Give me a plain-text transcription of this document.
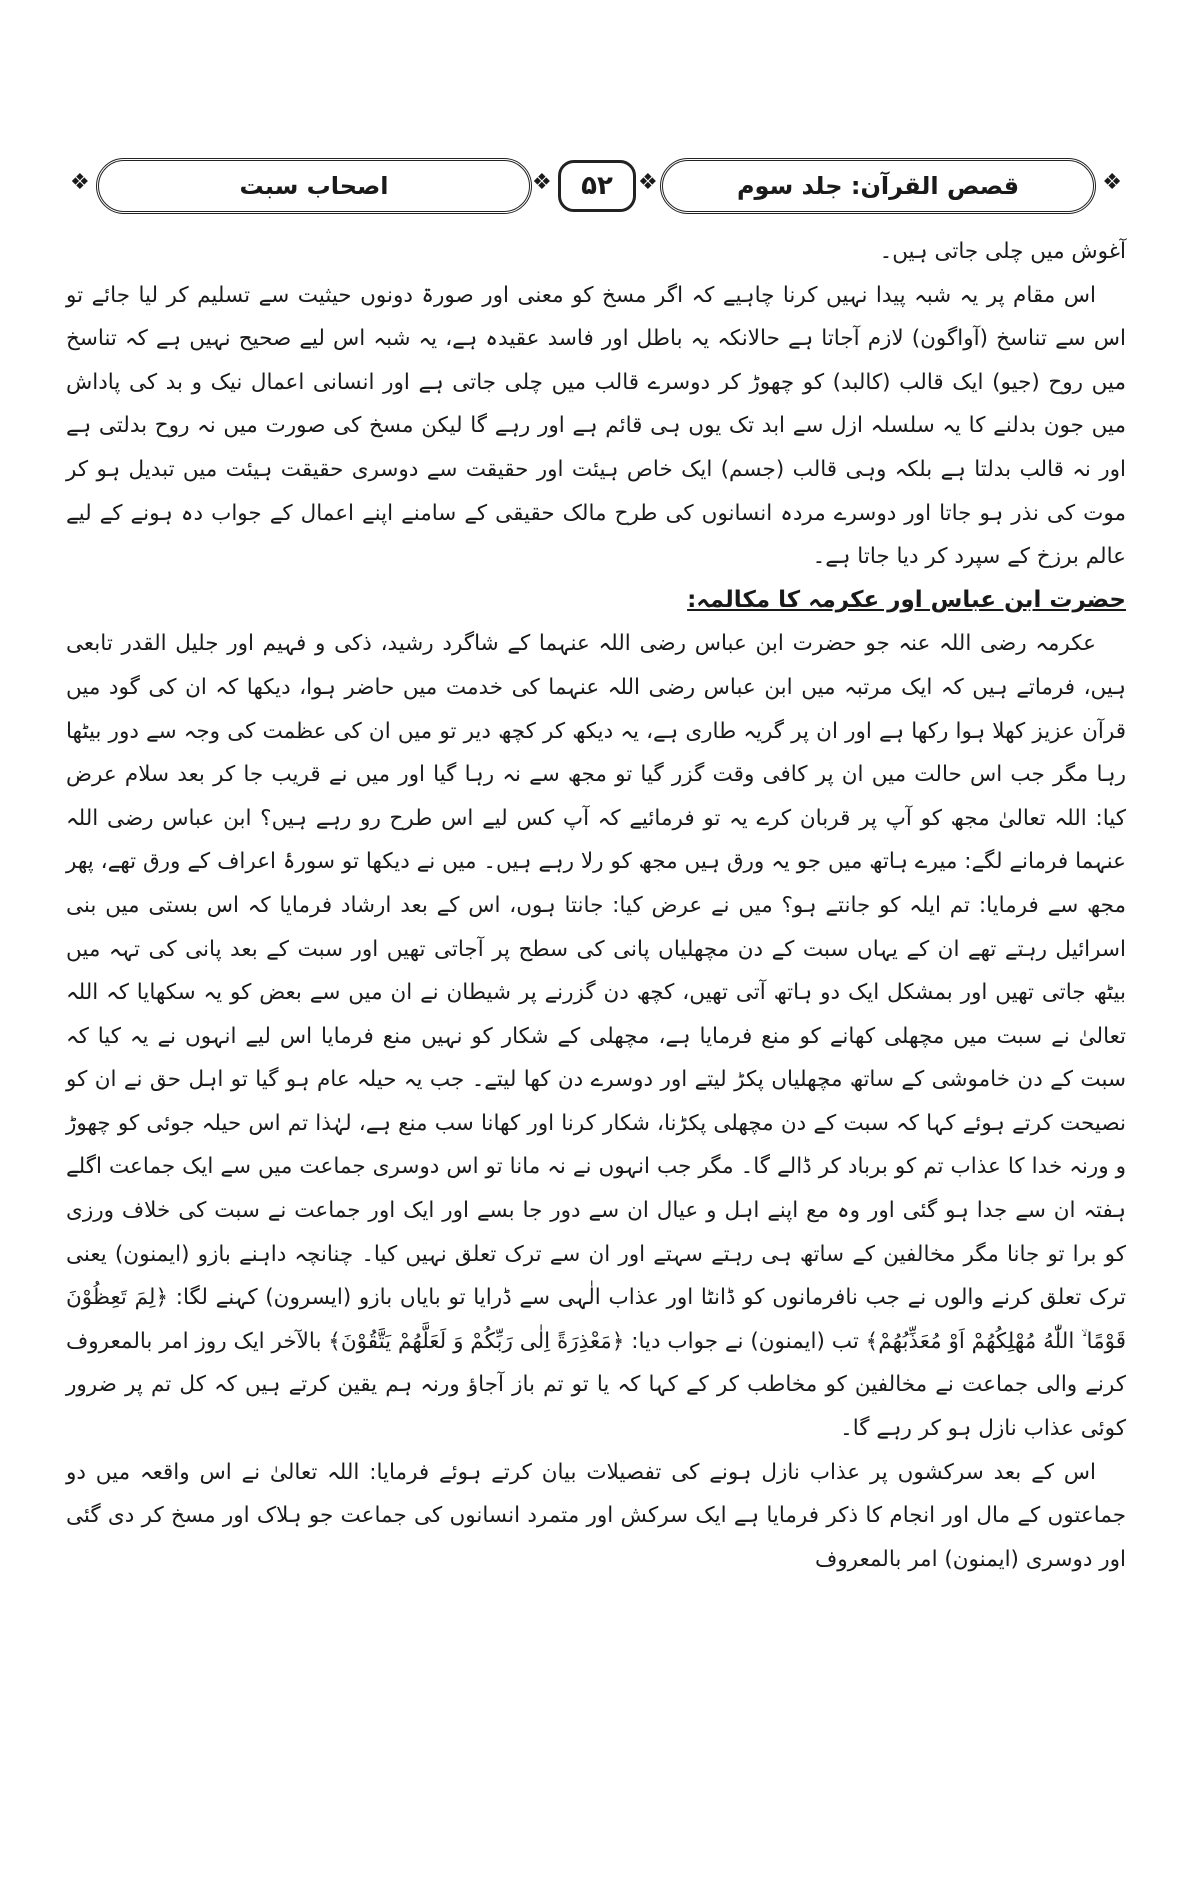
❖	اصحاب سبت	❖	۵۲	❖	قصص القرآن: جلد سوم	❖

آغوش میں چلی جاتی ہیں۔

اس مقام پر یہ شبہ پیدا نہیں کرنا چاہیے کہ اگر مسخ کو معنی اور صورۃ دونوں حیثیت سے تسلیم کر لیا جائے تو اس سے تناسخ (آواگون) لازم آجاتا ہے حالانکہ یہ باطل اور فاسد عقیدہ ہے، یہ شبہ اس لیے صحیح نہیں ہے کہ تناسخ میں روح (جیو) ایک قالب (کالبد) کو چھوڑ کر دوسرے قالب میں چلی جاتی ہے اور انسانی اعمال نیک و بد کی پاداش میں جون بدلنے کا یہ سلسلہ ازل سے ابد تک یوں ہی قائم ہے اور رہے گا لیکن مسخ کی صورت میں نہ روح بدلتی ہے اور نہ قالب بدلتا ہے بلکہ وہی قالب (جسم) ایک خاص ہیئت اور حقیقت سے دوسری حقیقت ہیئت میں تبدیل ہو کر موت کی نذر ہو جاتا اور دوسرے مردہ انسانوں کی طرح مالک حقیقی کے سامنے اپنے اعمال کے جواب دہ ہونے کے لیے عالم برزخ کے سپرد کر دیا جاتا ہے۔

حضرت ابن عباس اور عکرمہ کا مکالمہ:

عکرمہ رضی اللہ عنہ جو حضرت ابن عباس رضی اللہ عنہما کے شاگرد رشید، ذکی و فہیم اور جلیل القدر تابعی ہیں، فرماتے ہیں کہ ایک مرتبہ میں ابن عباس رضی اللہ عنہما کی خدمت میں حاضر ہوا، دیکھا کہ ان کی گود میں قرآن عزیز کھلا ہوا رکھا ہے اور ان پر گریہ طاری ہے، یہ دیکھ کر کچھ دیر تو میں ان کی عظمت کی وجہ سے دور بیٹھا رہا مگر جب اس حالت میں ان پر کافی وقت گزر گیا تو مجھ سے نہ رہا گیا اور میں نے قریب جا کر بعد سلام عرض کیا: اللہ تعالیٰ مجھ کو آپ پر قربان کرے یہ تو فرمائیے کہ آپ کس لیے اس طرح رو رہے ہیں؟ ابن عباس رضی اللہ عنہما فرمانے لگے: میرے ہاتھ میں جو یہ ورق ہیں مجھ کو رلا رہے ہیں۔ میں نے دیکھا تو سورۂ اعراف کے ورق تھے، پھر مجھ سے فرمایا: تم ایلہ کو جانتے ہو؟ میں نے عرض کیا: جانتا ہوں، اس کے بعد ارشاد فرمایا کہ اس بستی میں بنی اسرائیل رہتے تھے ان کے یہاں سبت کے دن مچھلیاں پانی کی سطح پر آجاتی تھیں اور سبت کے بعد پانی کی تہہ میں بیٹھ جاتی تھیں اور بمشکل ایک دو ہاتھ آتی تھیں، کچھ دن گزرنے پر شیطان نے ان میں سے بعض کو یہ سکھایا کہ اللہ تعالیٰ نے سبت میں مچھلی کھانے کو منع فرمایا ہے، مچھلی کے شکار کو نہیں منع فرمایا اس لیے انہوں نے یہ کیا کہ سبت کے دن خاموشی کے ساتھ مچھلیاں پکڑ لیتے اور دوسرے دن کھا لیتے۔ جب یہ حیلہ عام ہو گیا تو اہل حق نے ان کو نصیحت کرتے ہوئے کہا کہ سبت کے دن مچھلی پکڑنا، شکار کرنا اور کھانا سب منع ہے، لہٰذا تم اس حیلہ جوئی کو چھوڑ و ورنہ خدا کا عذاب تم کو برباد کر ڈالے گا۔ مگر جب انہوں نے نہ مانا تو اس دوسری جماعت میں سے ایک جماعت اگلے ہفتہ ان سے جدا ہو گئی اور وہ مع اپنے اہل و عیال ان سے دور جا بسے اور ایک اور جماعت نے سبت کی خلاف ورزی کو برا تو جانا مگر مخالفین کے ساتھ ہی رہتے سہتے اور ان سے ترک تعلق نہیں کیا۔ چنانچہ داہنے بازو (ایمنون) یعنی ترک تعلق کرنے والوں نے جب نافرمانوں کو ڈانٹا اور عذاب الٰہی سے ڈرایا تو بایاں بازو (ایسرون) کہنے لگا: ﴿لِمَ تَعِظُوْنَ قَوْمًا ۙ اللّٰهُ مُهْلِكُهُمْ اَوْ مُعَذِّبُهُمْ﴾ تب (ایمنون) نے جواب دیا: ﴿مَعْذِرَةً اِلٰى رَبِّكُمْ وَ لَعَلَّهُمْ يَتَّقُوْنَ﴾ بالآخر ایک روز امر بالمعروف کرنے والی جماعت نے مخالفین کو مخاطب کر کے کہا کہ یا تو تم باز آجاؤ ورنہ ہم یقین کرتے ہیں کہ کل تم پر ضرور کوئی عذاب نازل ہو کر رہے گا۔

اس کے بعد سرکشوں پر عذاب نازل ہونے کی تفصیلات بیان کرتے ہوئے فرمایا: اللہ تعالیٰ نے اس واقعہ میں دو جماعتوں کے مال اور انجام کا ذکر فرمایا ہے ایک سرکش اور متمرد انسانوں کی جماعت جو ہلاک اور مسخ کر دی گئی اور دوسری (ایمنون) امر بالمعروف
